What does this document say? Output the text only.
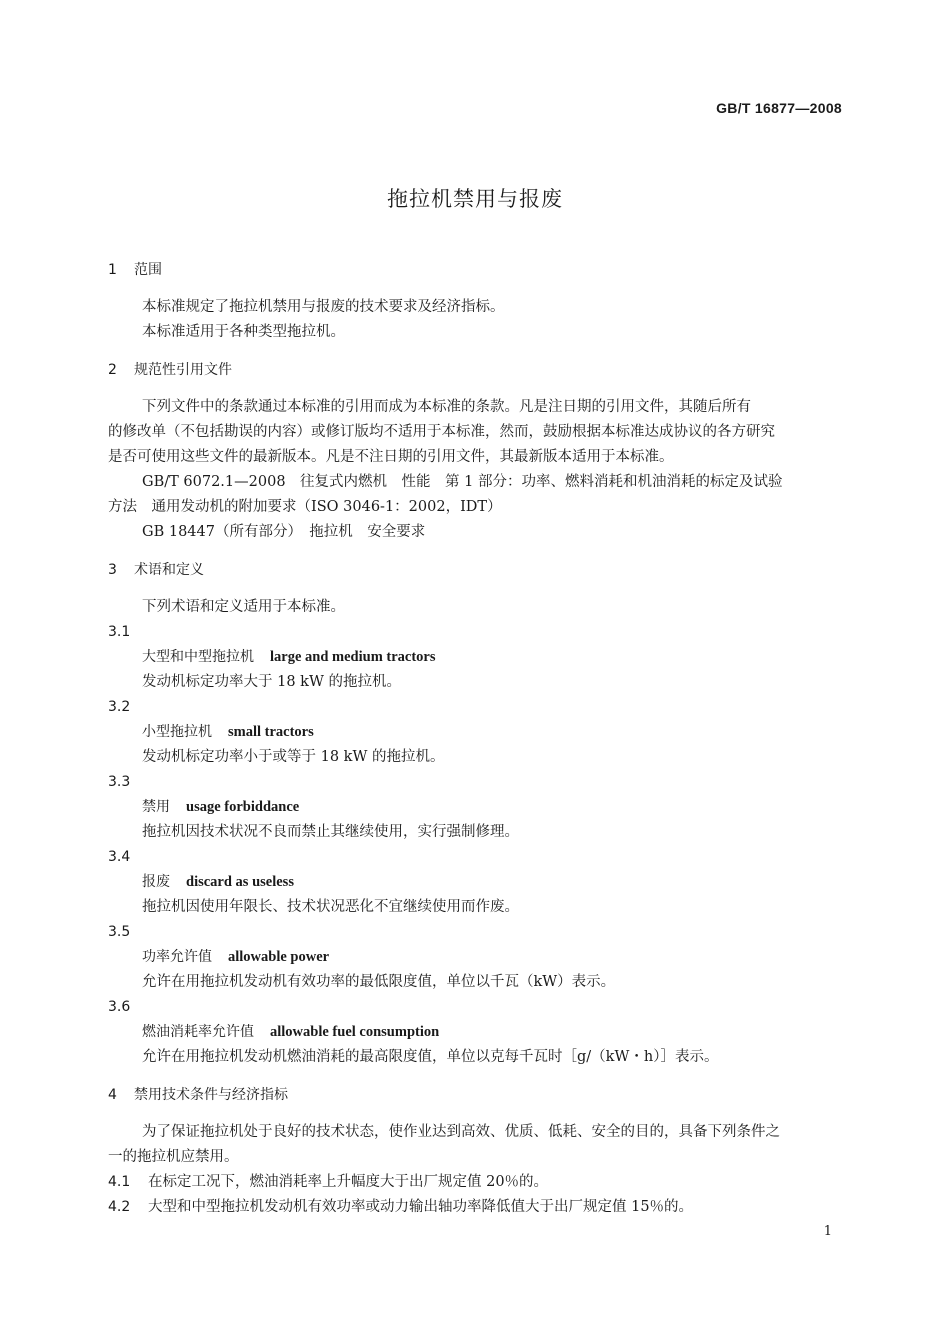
GB/T 16877—2008
拖拉机禁用与报废
1 范围
本标准规定了拖拉机禁用与报废的技术要求及经济指标。
本标准适用于各种类型拖拉机。
2 规范性引用文件
下列文件中的条款通过本标准的引用而成为本标准的条款。凡是注日期的引用文件，其随后所有
的修改单（不包括勘误的内容）或修订版均不适用于本标准，然而，鼓励根据本标准达成协议的各方研究
是否可使用这些文件的最新版本。凡是不注日期的引用文件，其最新版本适用于本标准。
GB/T 6072.1—2008　往复式内燃机　性能　第 1 部分：功率、燃料消耗和机油消耗的标定及试验
方法　通用发动机的附加要求（ISO 3046-1：2002，IDT）
GB 18447（所有部分）　拖拉机　安全要求
3 术语和定义
下列术语和定义适用于本标准。
3.1
大型和中型拖拉机 large and medium tractors
发动机标定功率大于 18 kW 的拖拉机。
3.2
小型拖拉机 small tractors
发动机标定功率小于或等于 18 kW 的拖拉机。
3.3
禁用 usage forbiddance
拖拉机因技术状况不良而禁止其继续使用，实行强制修理。
3.4
报废 discard as useless
拖拉机因使用年限长、技术状况恶化不宜继续使用而作废。
3.5
功率允许值 allowable power
允许在用拖拉机发动机有效功率的最低限度值，单位以千瓦（kW）表示。
3.6
燃油消耗率允许值 allowable fuel consumption
允许在用拖拉机发动机燃油消耗的最高限度值，单位以克每千瓦时［g/（kW・h）］表示。
4 禁用技术条件与经济指标
为了保证拖拉机处于良好的技术状态，使作业达到高效、优质、低耗、安全的目的，具备下列条件之
一的拖拉机应禁用。
4.1 在标定工况下，燃油消耗率上升幅度大于出厂规定值 20％的。
4.2 大型和中型拖拉机发动机有效功率或动力输出轴功率降低值大于出厂规定值 15％的。
1
